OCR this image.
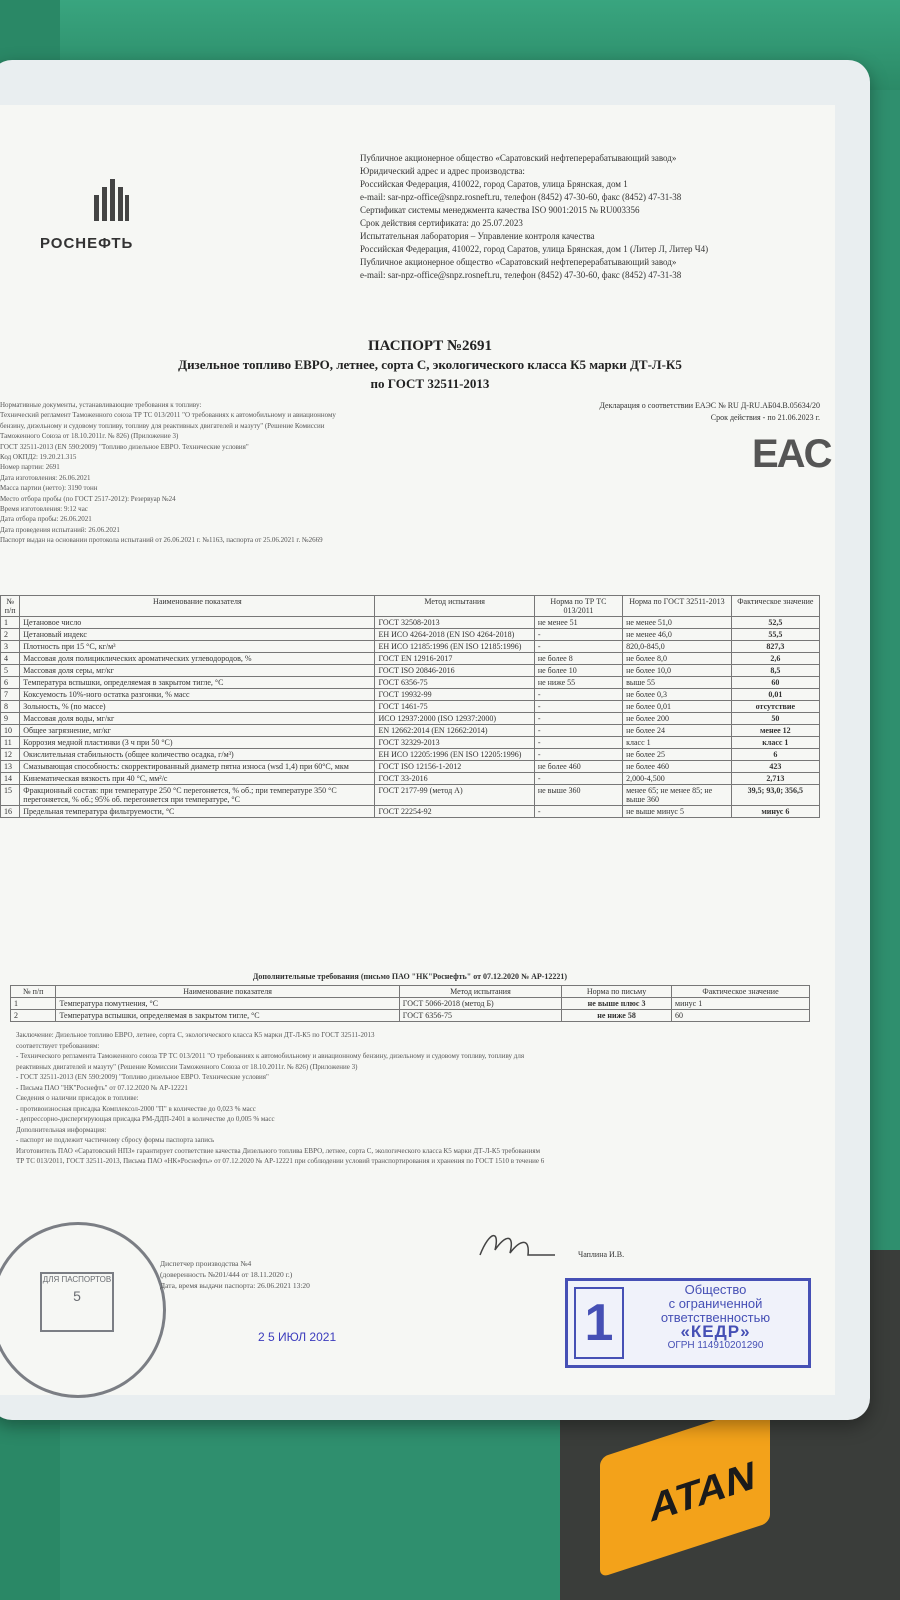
ATAN
РОСНЕФТЬ
Публичное акционерное общество «Саратовский нефтеперерабатывающий завод»
Юридический адрес и адрес производства:
Российская Федерация, 410022, город Саратов, улица Брянская, дом 1
e-mail: sar-npz-office@snpz.rosneft.ru, телефон (8452) 47-30-60, факс (8452) 47-31-38
Сертификат системы менеджмента качества ISO 9001:2015 № RU003356
Срок действия сертификата: до 25.07.2023
Испытательная лаборатория – Управление контроля качества
Российская Федерация, 410022, город Саратов, улица Брянская, дом 1 (Литер Л, Литер Ч4)
Публичное акционерное общество «Саратовский нефтеперерабатывающий завод»
e-mail: sar-npz-office@snpz.rosneft.ru, телефон (8452) 47-30-60, факс (8452) 47-31-38
ПАСПОРТ №2691
Дизельное топливо ЕВРО, летнее, сорта С, экологического класса К5 марки ДТ-Л-К5
по ГОСТ 32511-2013
Декларация о соответствии ЕАЭС № RU Д-RU.АБ04.В.05634/20
Срок действия - по 21.06.2023 г.
EAC
Нормативные документы, устанавливающие требования к топливу:
Технический регламент Таможенного союза ТР ТС 013/2011 "О требованиях к автомобильному и авиационному
бензину, дизельному и судовому топливу, топливу для реактивных двигателей и мазуту" (Решение Комиссии
Таможенного Союза от 18.10.2011г. № 826) (Приложение 3)
ГОСТ 32511-2013 (EN 590:2009) "Топливо дизельное ЕВРО. Технические условия"
Код ОКПД2: 19.20.21.315
Номер партии: 2691
Дата изготовления: 26.06.2021
Масса партии (нетто): 3190 тонн
Место отбора пробы (по ГОСТ 2517-2012): Резервуар №24
Время изготовления: 9:12 час
Дата отбора пробы: 26.06.2021
Дата проведения испытаний: 26.06.2021
Паспорт выдан на основании протокола испытаний от 26.06.2021 г. №1163, паспорта от 25.06.2021 г. №2669
№ п/п	Наименование показателя	Метод испытания	Норма по ТР ТС 013/2011	Норма по ГОСТ 32511-2013	Фактическое значение
1	Цетановое число	ГОСТ 32508-2013	не менее 51	не менее 51,0	52,5
2	Цетановый индекс	ЕН ИСО 4264-2018 (EN ISO 4264-2018)	-	не менее 46,0	55,5
3	Плотность при 15 °С, кг/м³	ЕН ИСО 12185:1996 (EN ISO 12185:1996)	-	820,0-845,0	827,3
4	Массовая доля полициклических ароматических углеводородов, %	ГОСТ EN 12916-2017	не более 8	не более 8,0	2,6
5	Массовая доля серы, мг/кг	ГОСТ ISO 20846-2016	не более 10	не более 10,0	8,5
6	Температура вспышки, определяемая в закрытом тигле, °С	ГОСТ 6356-75	не ниже 55	выше 55	60
7	Коксуемость 10%-ного остатка разгонки, % масс	ГОСТ 19932-99	-	не более 0,3	0,01
8	Зольность, % (по массе)	ГОСТ 1461-75	-	не более 0,01	отсутствие
9	Массовая доля воды, мг/кг	ИСО 12937:2000 (ISO 12937:2000)	-	не более 200	50
10	Общее загрязнение, мг/кг	EN 12662:2014 (EN 12662:2014)	-	не более 24	менее 12
11	Коррозия медной пластинки (3 ч при 50 °С)	ГОСТ 32329-2013	-	класс 1	класс 1
12	Окислительная стабильность (общее количество осадка, г/м³)	ЕН ИСО 12205:1996 (EN ISO 12205:1996)	-	не более 25	6
13	Смазывающая способность: скорректированный диаметр пятна износа (wsd 1,4) при 60°С, мкм	ГОСТ ISO 12156-1-2012	не более 460	не более 460	423
14	Кинематическая вязкость при 40 °С, мм²/с	ГОСТ 33-2016	-	2,000-4,500	2,713
15	Фракционный состав: при температуре 250 °С перегоняется, % об.; при температуре 350 °С перегоняется, % об.; 95% об. перегоняется при температуре, °С	ГОСТ 2177-99 (метод А)	не выше 360	менее 65; не менее 85; не выше 360	39,5; 93,0; 356,5
16	Предельная температура фильтруемости, °С	ГОСТ 22254-92	-	не выше минус 5	минус 6
Дополнительные требования (письмо ПАО "НК"Роснефть" от 07.12.2020 № АР-12221)
№ п/п	Наименование показателя	Метод испытания	Норма по письму	Фактическое значение
1	Температура помутнения, °С	ГОСТ 5066-2018 (метод Б)	не выше плюс 3	минус 1
2	Температура вспышки, определяемая в закрытом тигле, °С	ГОСТ 6356-75	не ниже 58	60
Заключение: Дизельное топливо ЕВРО, летнее, сорта С, экологического класса К5 марки ДТ-Л-К5 по ГОСТ 32511-2013
соответствует требованиям:
- Технического регламента Таможенного союза ТР ТС 013/2011 "О требованиях к автомобильному и авиационному бензину, дизельному и судовому топливу, топливу для
реактивных двигателей и мазуту" (Решение Комиссии Таможенного Союза от 18.10.2011г. № 826) (Приложение 3)
- ГОСТ 32511-2013 (EN 590:2009) "Топливо дизельное ЕВРО. Технические условия"
- Письма ПАО "НК"Роснефть" от 07.12.2020 № АР-12221
Сведения о наличии присадок в топливе:
- противоизносная присадка Комплексол-2000 "П" в количестве до 0,023 % масс
- депрессорно-диспергирующая присадка PM-ДДП-2401 в количестве до 0,005 % масс
Дополнительная информация:
- паспорт не подлежит частичному сбросу формы паспорта запись
Изготовитель ПАО «Саратовский НПЗ» гарантирует соответствие качества Дизельного топлива ЕВРО, летнее, сорта С, экологического класса К5 марки ДТ-Л-К5 требованиям
ТР ТС 013/2011, ГОСТ 32511-2013, Письма ПАО «НК«Роснефть» от 07.12.2020 № АР-12221 при соблюдении условий транспортирования и хранения по ГОСТ 1510 в течение 6
ДЛЯ ПАСПОРТОВ
5
Диспетчер производства №4
(доверенность №201/444 от 18.11.2020 г.)
Дата, время выдачи паспорта: 26.06.2021 13:20
Чаплина И.В.
2 5 ИЮЛ 2021	1
Общество
с ограниченной
ответственностью
«КЕДР»
ОГРН 114910201290
